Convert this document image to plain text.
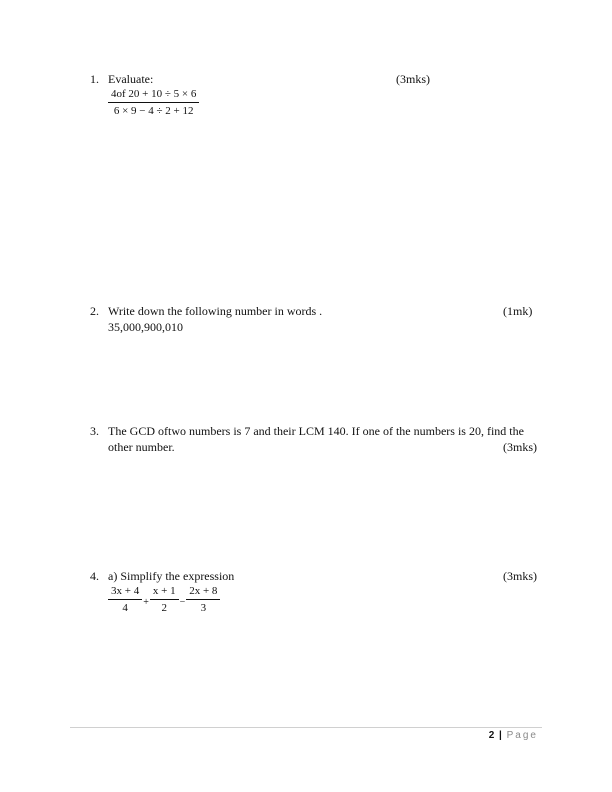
1. Evaluate:	(3mks)
$\frac{4of 20 + 10 \div 5 \times 6}{6 \times 9 - 4 \div 2 + 12}$
2. Write down the following number in words .	(1mk)
35,000,900,010
3. The GCD oftwo numbers is 7 and their LCM 140. If one of the numbers is 20, find the
other number.	(3mks)
4. a) Simplify the expression	(3mks)
$\frac{3x + 4}{4} + \frac{x + 1}{2} - \frac{2x + 8}{3}$
2 | Page
